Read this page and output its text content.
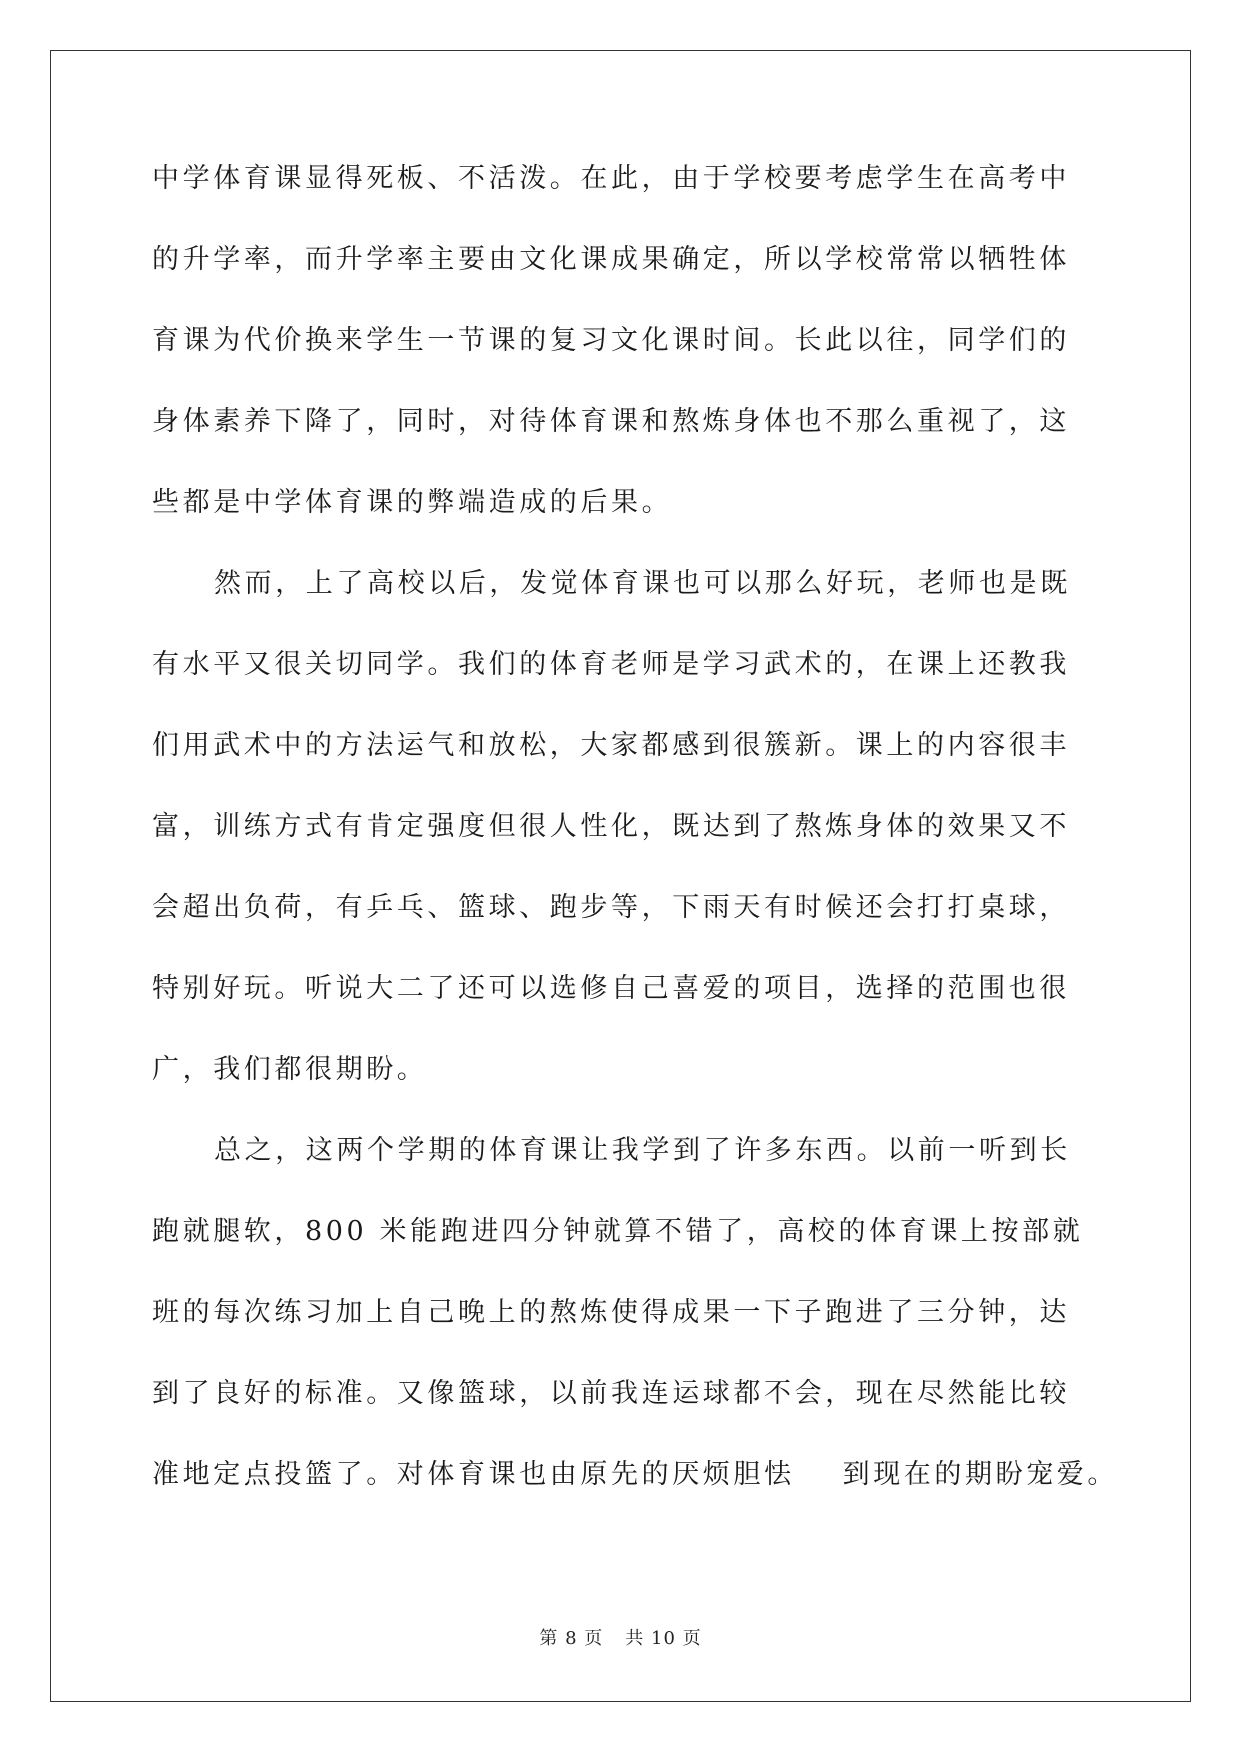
中学体育课显得死板、不活泼。在此，由于学校要考虑学生在高考中
的升学率，而升学率主要由文化课成果确定，所以学校常常以牺牲体
育课为代价换来学生一节课的复习文化课时间。长此以往，同学们的
身体素养下降了，同时，对待体育课和熬炼身体也不那么重视了，这
些都是中学体育课的弊端造成的后果。
然而，上了高校以后，发觉体育课也可以那么好玩，老师也是既
有水平又很关切同学。我们的体育老师是学习武术的，在课上还教我
们用武术中的方法运气和放松，大家都感到很簇新。课上的内容很丰
富，训练方式有肯定强度但很人性化，既达到了熬炼身体的效果又不
会超出负荷，有乒乓、篮球、跑步等，下雨天有时候还会打打桌球，
特别好玩。听说大二了还可以选修自己喜爱的项目，选择的范围也很
广，我们都很期盼。
总之，这两个学期的体育课让我学到了许多东西。以前一听到长
跑就腿软，800 米能跑进四分钟就算不错了，高校的体育课上按部就
班的每次练习加上自己晚上的熬炼使得成果一下子跑进了三分钟，达
到了良好的标准。又像篮球，以前我连运球都不会，现在尽然能比较
准地定点投篮了。对体育课也由原先的厌烦胆怯 到现在的期盼宠爱。
第 8 页 共 10 页
